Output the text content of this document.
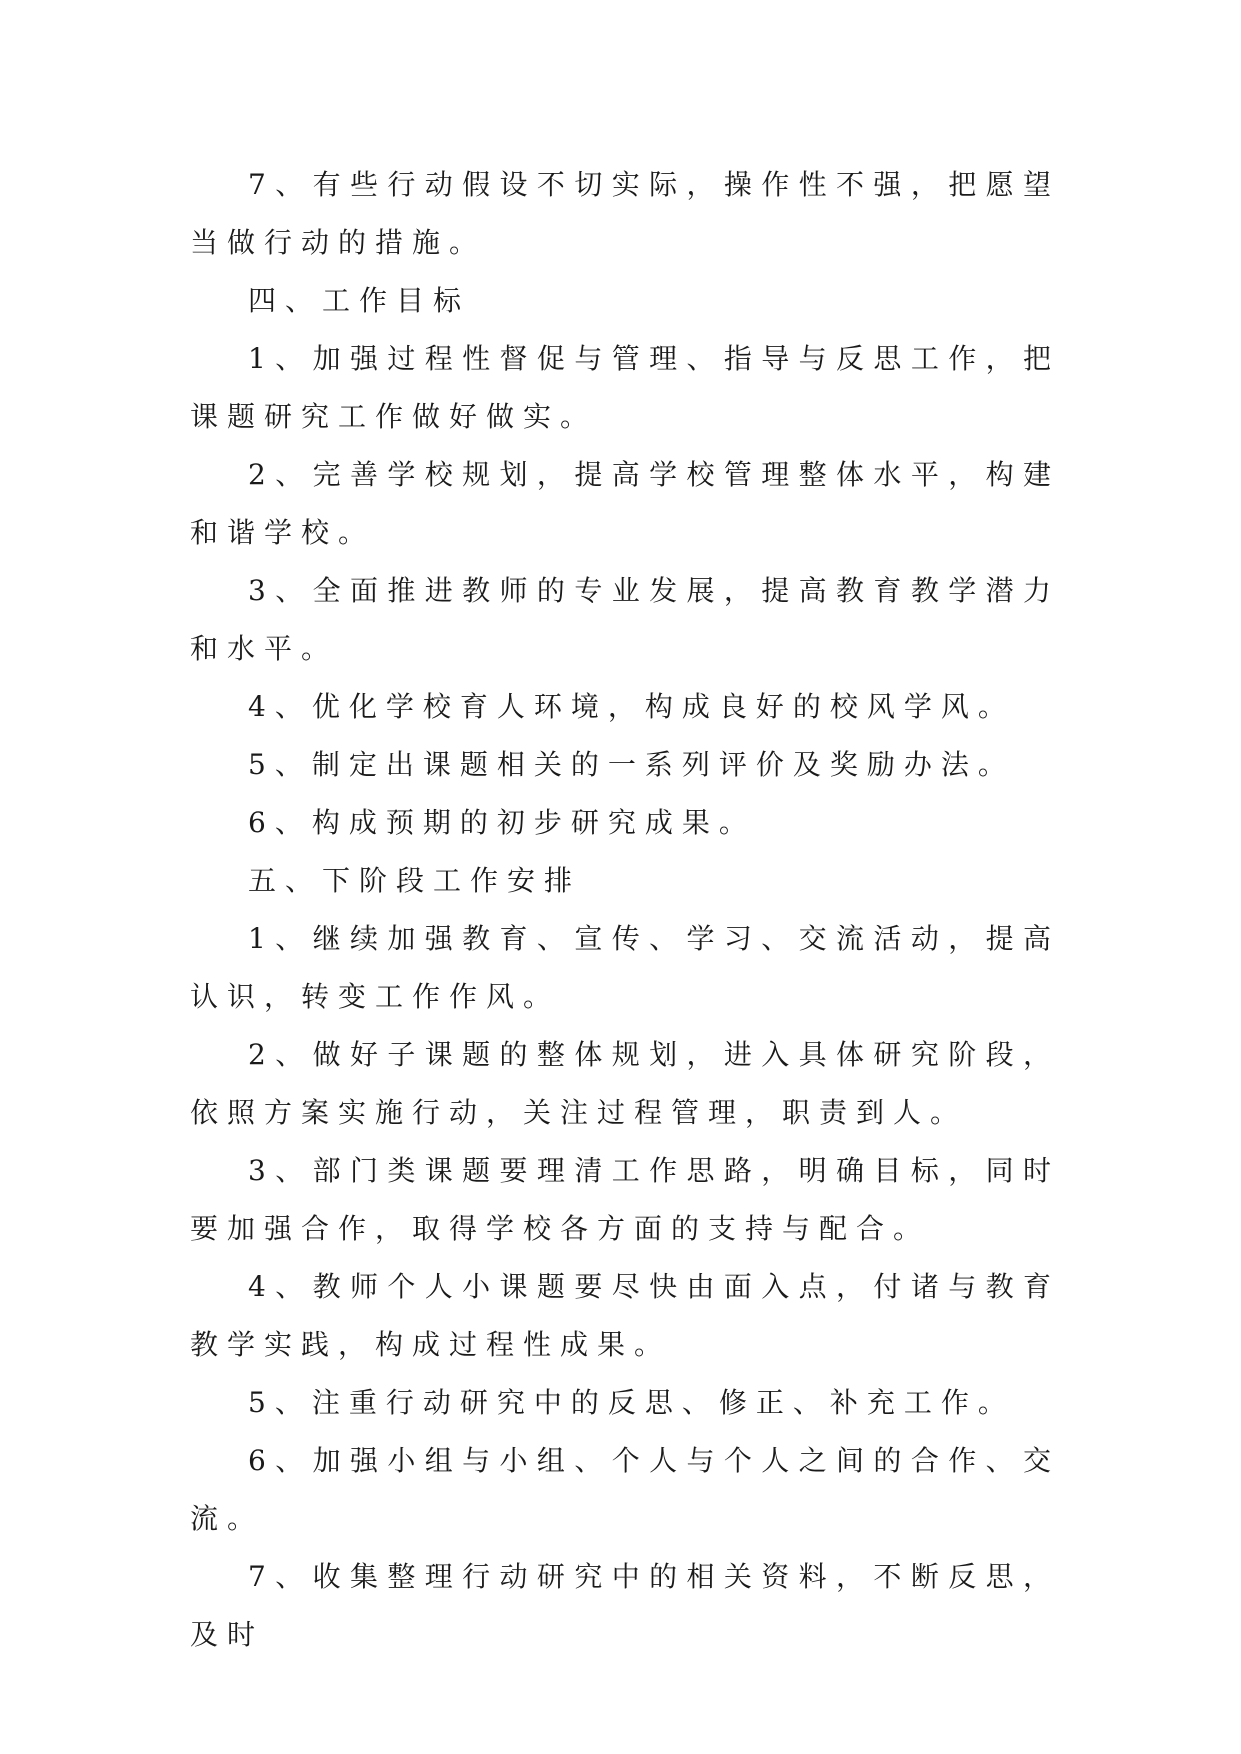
7、有些行动假设不切实际，操作性不强，把愿望当做行动的措施。

四、工作目标

1、加强过程性督促与管理、指导与反思工作，把课题研究工作做好做实。

2、完善学校规划，提高学校管理整体水平，构建和谐学校。

3、全面推进教师的专业发展，提高教育教学潜力和水平。

4、优化学校育人环境，构成良好的校风学风。

5、制定出课题相关的一系列评价及奖励办法。

6、构成预期的初步研究成果。

五、下阶段工作安排

1、继续加强教育、宣传、学习、交流活动，提高认识，转变工作作风。

2、做好子课题的整体规划，进入具体研究阶段，依照方案实施行动，关注过程管理，职责到人。

3、部门类课题要理清工作思路，明确目标，同时要加强合作，取得学校各方面的支持与配合。

4、教师个人小课题要尽快由面入点，付诸与教育教学实践，构成过程性成果。

5、注重行动研究中的反思、修正、补充工作。

6、加强小组与小组、个人与个人之间的合作、交流。

7、收集整理行动研究中的相关资料，不断反思，及时
